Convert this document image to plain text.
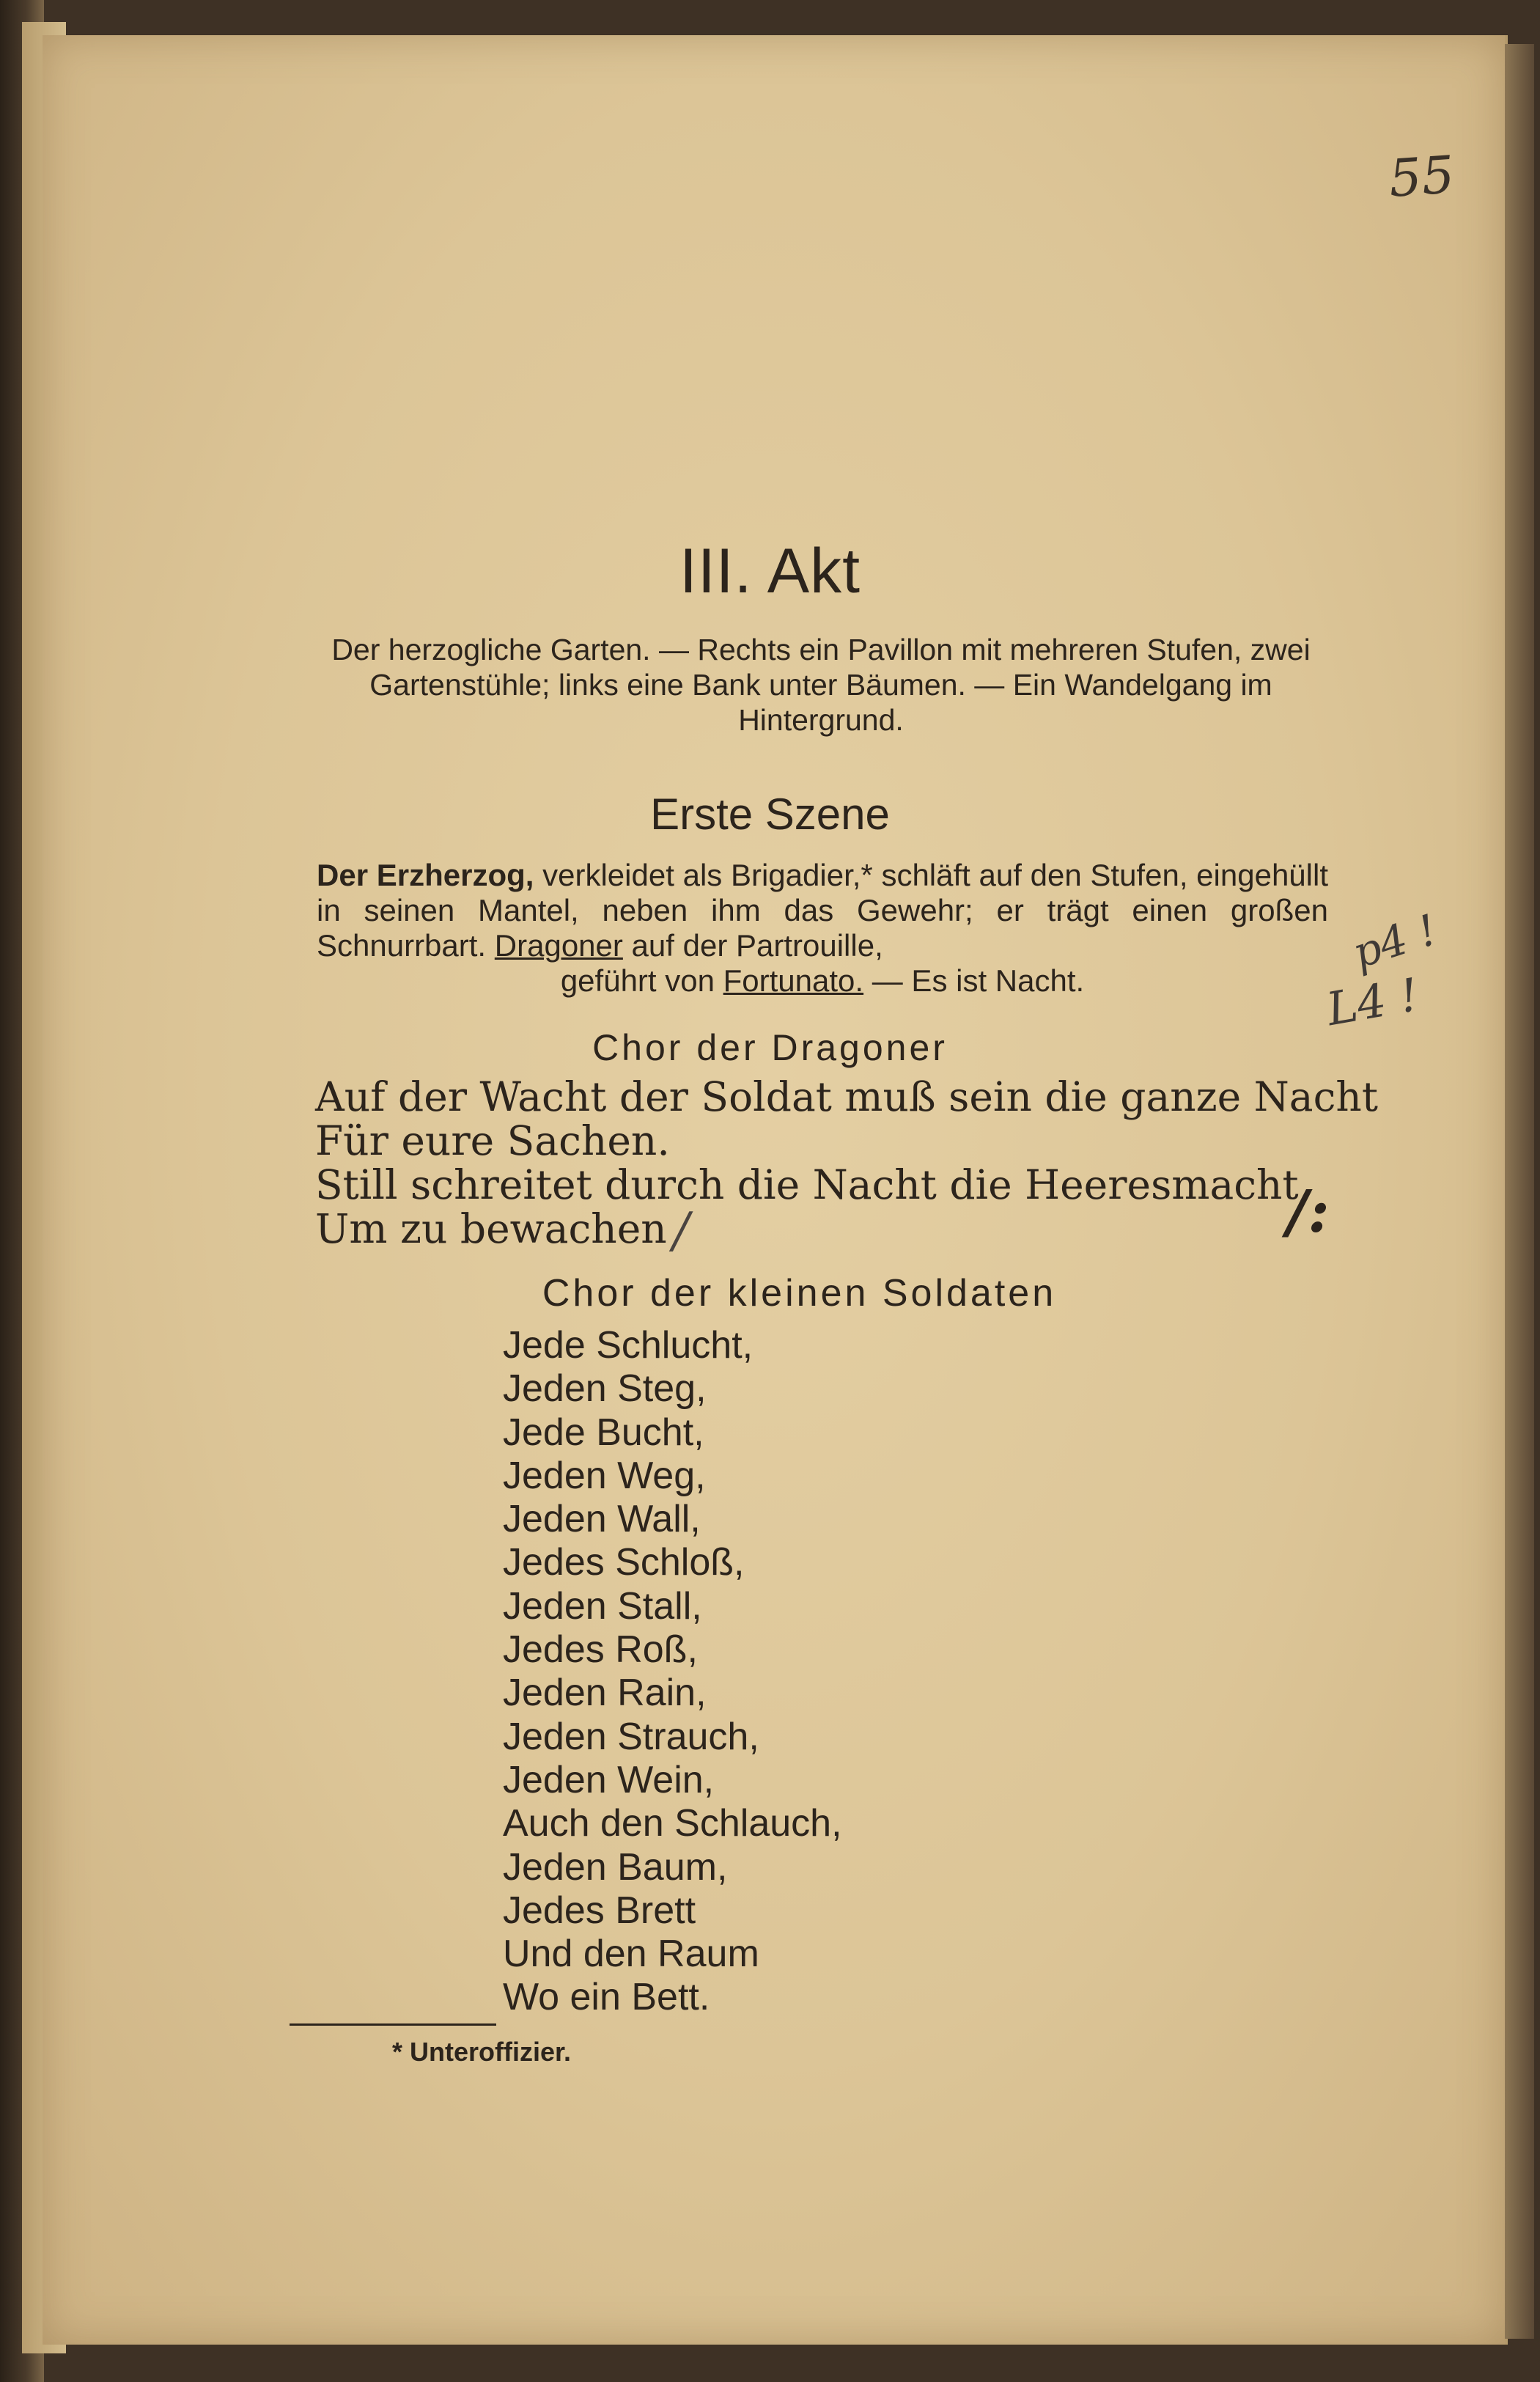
55
III. Akt

Der herzogliche Garten. — Rechts ein Pavillon mit mehreren Stufen, zwei Gartenstühle; links eine Bank unter Bäumen. — Ein Wandelgang im Hintergrund.

Erste Szene

Der Erzherzog, verkleidet als Brigadier,* schläft auf den Stufen, eingehüllt in seinen Mantel, neben ihm das Gewehr; er trägt einen großen Schnurrbart. Dragoner auf der Partrouille,
geführt von Fortunato. — Es ist Nacht.

Chor der Dragoner
Auf der Wacht der Soldat muß sein die ganze Nacht
Für eure Sachen.
Still schreitet durch die Nacht die Heeresmacht,
Um zu bewachen
Chor der kleinen Soldaten
Jede Schlucht,
Jeden Steg,
Jede Bucht,
Jeden Weg,
Jeden Wall,
Jedes Schloß,
Jeden Stall,
Jedes Roß,
Jeden Rain,
Jeden Strauch,
Jeden Wein,
Auch den Schlauch,
Jeden Baum,
Jedes Brett
Und den Raum
Wo ein Bett.
* Unteroffizier.
p4 !
L4 !
/:
/
